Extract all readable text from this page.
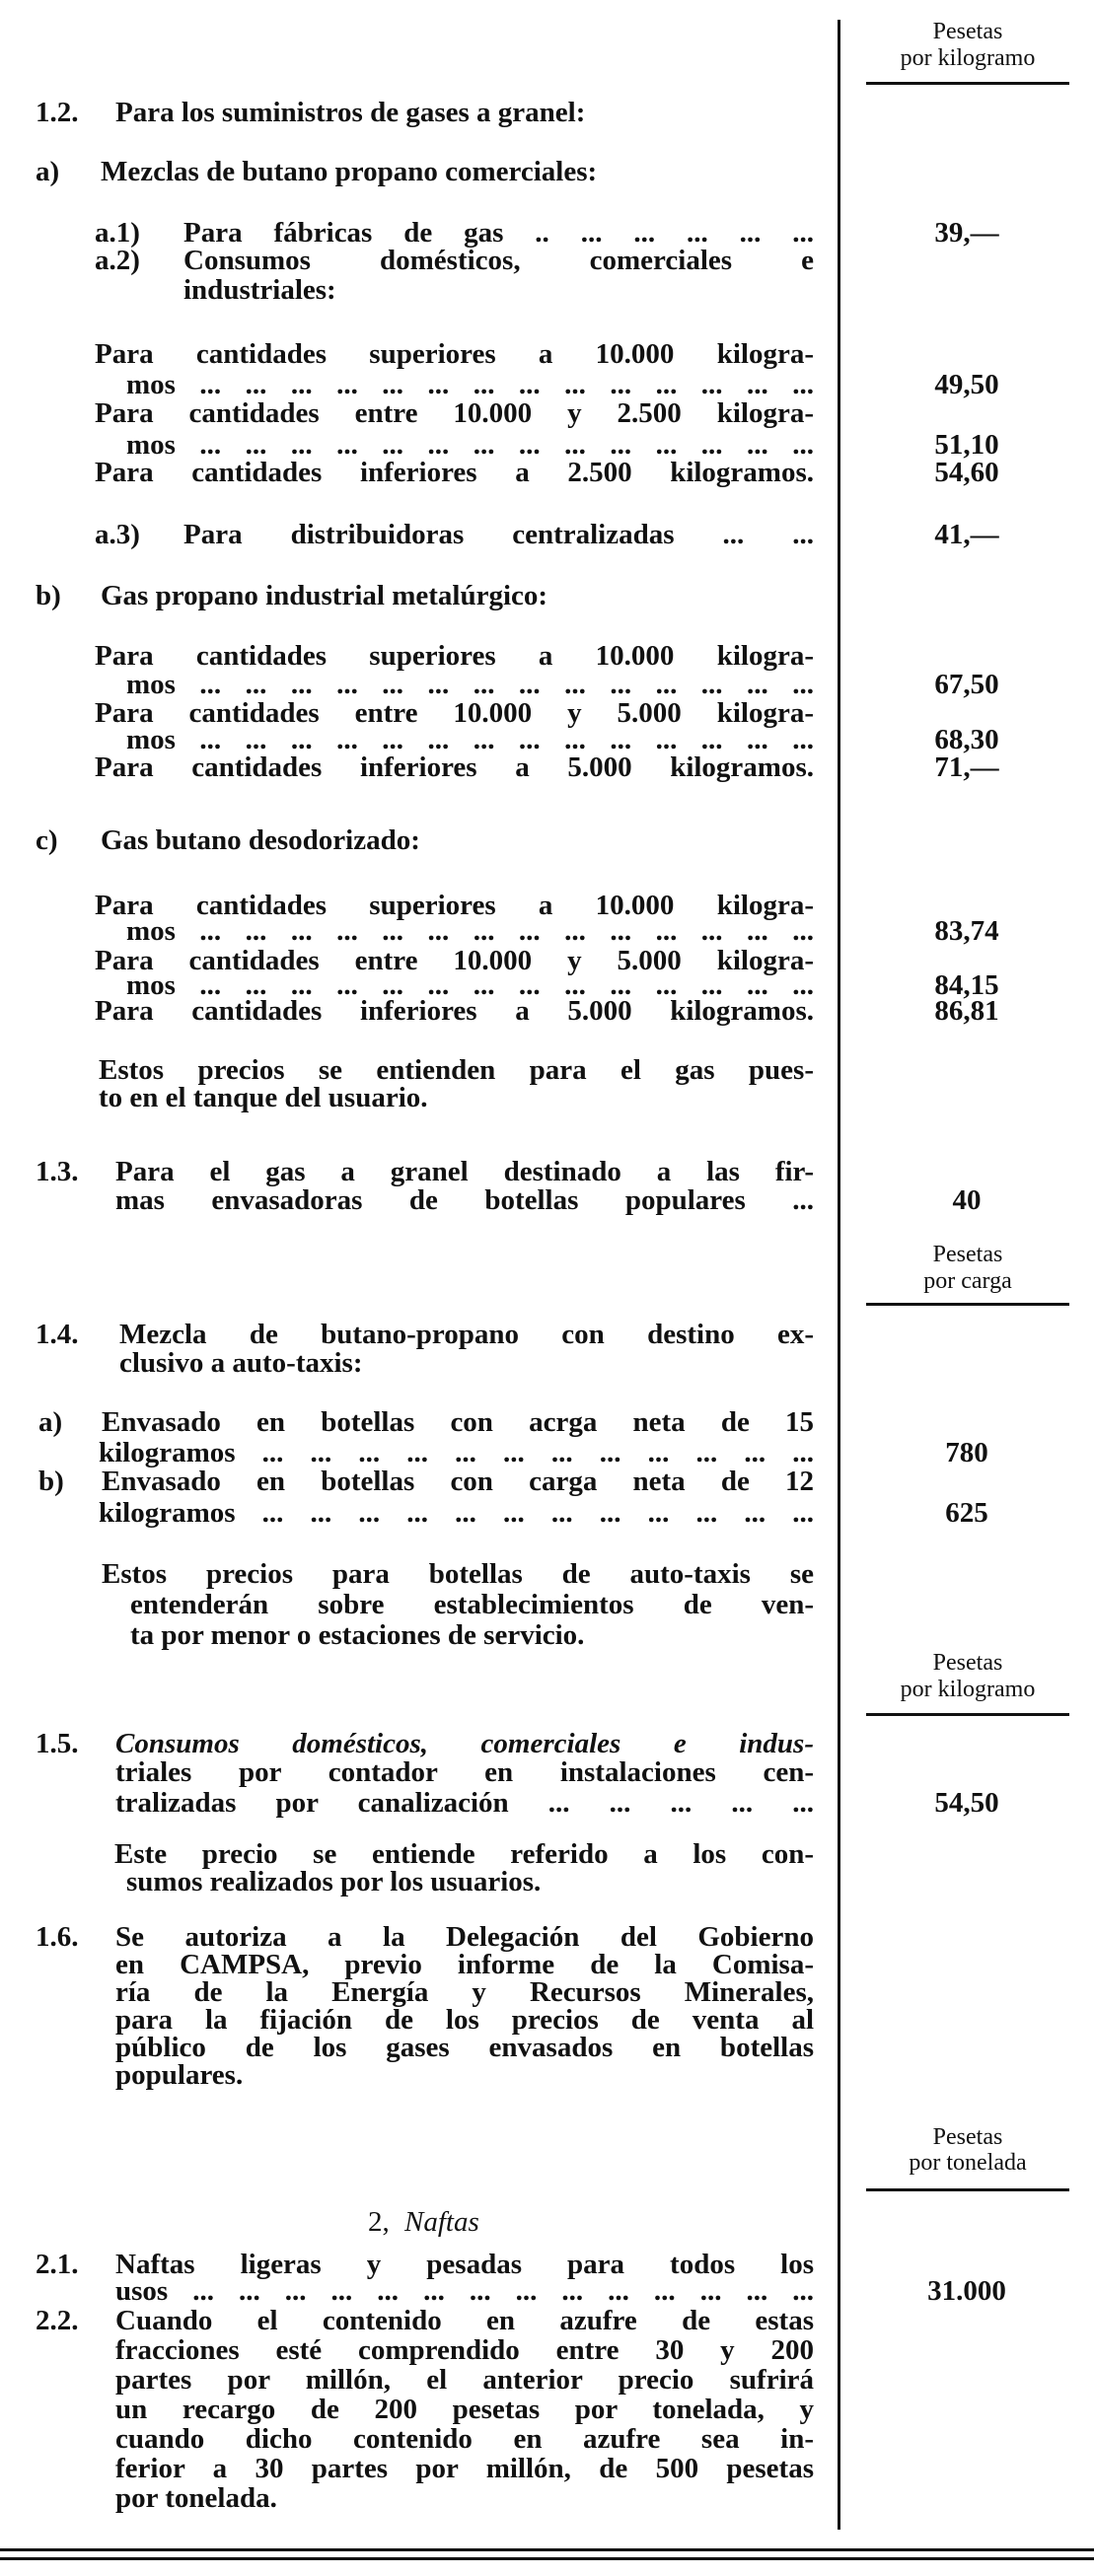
Pesetas
por kilogramo
1.2. Para los suministros de gases a granel:
a) Mezclas de butano propano comerciales:
a.1) Para fábricas de gas .. ... ... ... ... ...	39,—
a.2) Consumos domésticos, comerciales e
industriales:
Para cantidades superiores a 10.000 kilogra-
mos ... ... ... ... ... ... ... ... ... ... ... ... ... ...	49,50
Para cantidades entre 10.000 y 2.500 kilogra-
mos ... ... ... ... ... ... ... ... ... ... ... ... ... ...	51,10
Para cantidades inferiores a 2.500 kilogramos.	54,60
a.3) Para distribuidoras centralizadas ... ...	41,—
b) Gas propano industrial metalúrgico:
Para cantidades superiores a 10.000 kilogra-
mos ... ... ... ... ... ... ... ... ... ... ... ... ... ...	67,50
Para cantidades entre 10.000 y 5.000 kilogra-
mos ... ... ... ... ... ... ... ... ... ... ... ... ... ...	68,30
Para cantidades inferiores a 5.000 kilogramos.	71,—
c) Gas butano desodorizado:
Para cantidades superiores a 10.000 kilogra-
mos ... ... ... ... ... ... ... ... ... ... ... ... ... ...	83,74
Para cantidades entre 10.000 y 5.000 kilogra-
mos ... ... ... ... ... ... ... ... ... ... ... ... ... ...	84,15
Para cantidades inferiores a 5.000 kilogramos.	86,81
Estos precios se entienden para el gas pues-
to en el tanque del usuario.
1.3. Para el gas a granel destinado a las fir-
mas envasadoras de botellas populares ...	40
Pesetas
por carga
1.4. Mezcla de butano-propano con destino ex-
clusivo a auto-taxis:
a) Envasado en botellas con acrga neta de 15
kilogramos ... ... ... ... ... ... ... ... ... ... ... ...	780
b) Envasado en botellas con carga neta de 12
kilogramos ... ... ... ... ... ... ... ... ... ... ... ...	625
Estos precios para botellas de auto-taxis se
entenderán sobre establecimientos de ven-
ta por menor o estaciones de servicio.
Pesetas
por kilogramo
1.5. Consumos domésticos, comerciales e indus-
triales por contador en instalaciones cen-
tralizadas por canalización ... ... ... ... ...	54,50
Este precio se entiende referido a los con-
sumos realizados por los usuarios.
1.6. Se autoriza a la Delegación del Gobierno
en CAMPSA, previo informe de la Comisa-
ría de la Energía y Recursos Minerales,
para la fijación de los precios de venta al
público de los gases envasados en botellas
populares.
Pesetas
por tonelada
2, Naftas
2.1. Naftas ligeras y pesadas para todos los
usos ... ... ... ... ... ... ... ... ... ... ... ... ... ...	31.000
2.2. Cuando el contenido en azufre de estas
fracciones esté comprendido entre 30 y 200
partes por millón, el anterior precio sufrirá
un recargo de 200 pesetas por tonelada, y
cuando dicho contenido en azufre sea in-
ferior a 30 partes por millón, de 500 pesetas
por tonelada.
